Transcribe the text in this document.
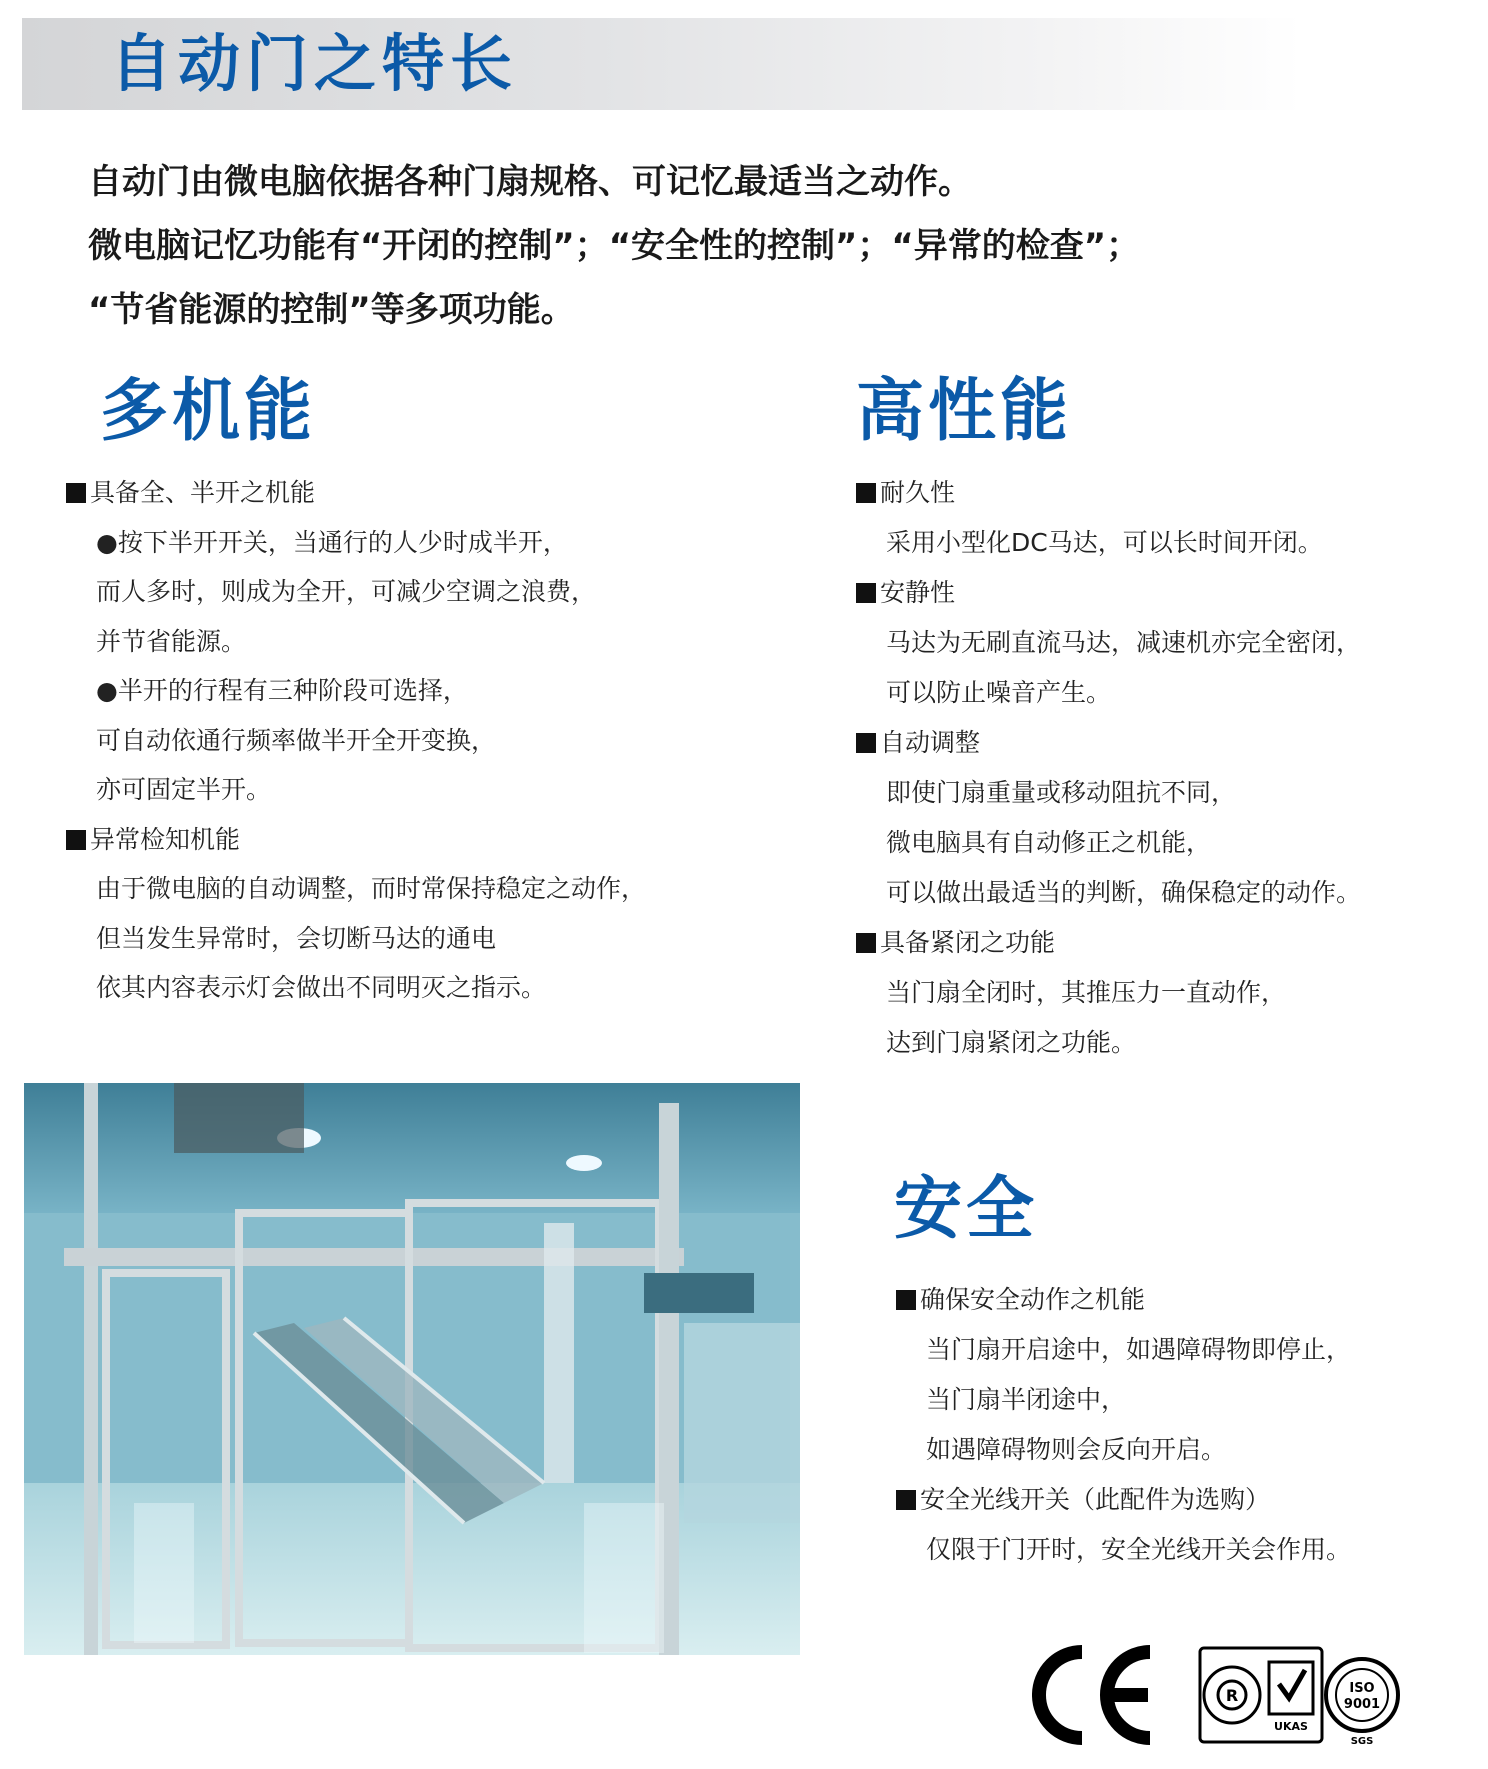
自动门之特长
自动门由微电脑依据各种门扇规格、可记忆最适当之动作。
微电脑记忆功能有“开闭的控制”；“安全性的控制”；“异常的检查”；
“节省能源的控制”等多项功能。
多机能
具备全、半开之机能
●按下半开开关，当通行的人少时成半开，
而人多时，则成为全开，可减少空调之浪费，
并节省能源。
●半开的行程有三种阶段可选择，
可自动依通行频率做半开全开变换，
亦可固定半开。
异常检知机能
由于微电脑的自动调整，而时常保持稳定之动作，
但当发生异常时，会切断马达的通电
依其内容表示灯会做出不同明灭之指示。
高性能
耐久性
采用小型化DC马达，可以长时间开闭。
安静性
马达为无刷直流马达，减速机亦完全密闭，
可以防止噪音产生。
自动调整
即使门扇重量或移动阻抗不同，
微电脑具有自动修正之机能，
可以做出最适当的判断，确保稳定的动作。
具备紧闭之功能
当门扇全闭时，其推压力一直动作，
达到门扇紧闭之功能。
安全
确保安全动作之机能
当门扇开启途中，如遇障碍物即停止，
当门扇半闭途中，
如遇障碍物则会反向开启。
安全光线开关（此配件为选购）
仅限于门开时，安全光线开关会作用。
R
UKAS
ISO
9001
SGS
